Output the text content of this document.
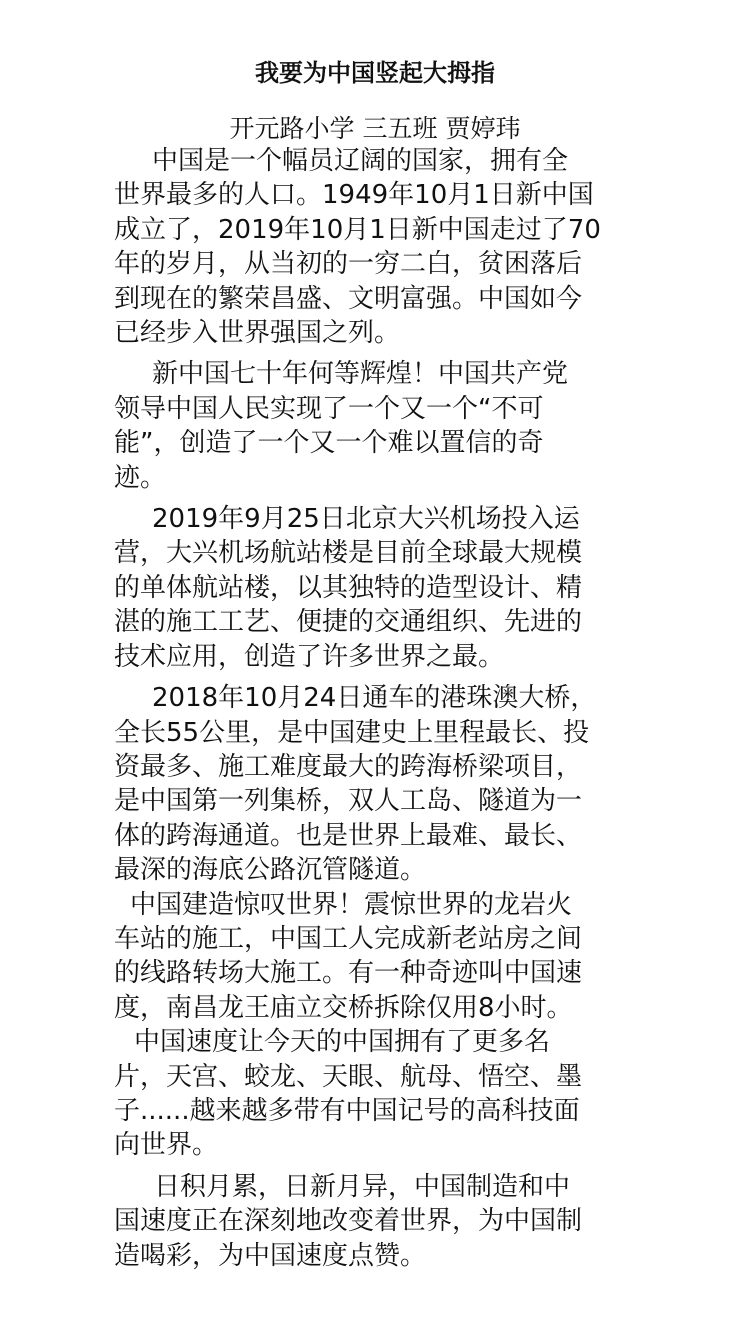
我要为中国竖起大拇指
开元路小学 三五班 贾婷玮
中国是一个幅员辽阔的国家，拥有全
世界最多的人口。1949年10月1日新中国
成立了，2019年10月1日新中国走过了70
年的岁月，从当初的一穷二白，贫困落后
到现在的繁荣昌盛、文明富强。中国如今
已经步入世界强国之列。
新中国七十年何等辉煌！中国共产党
领导中国人民实现了一个又一个“不可
能”，创造了一个又一个难以置信的奇
迹。
2019年9月25日北京大兴机场投入运
营，大兴机场航站楼是目前全球最大规模
的单体航站楼，以其独特的造型设计、精
湛的施工工艺、便捷的交通组织、先进的
技术应用，创造了许多世界之最。
2018年10月24日通车的港珠澳大桥，
全长55公里，是中国建史上里程最长、投
资最多、施工难度最大的跨海桥梁项目，
是中国第一列集桥，双人工岛、隧道为一
体的跨海通道。也是世界上最难、最长、
最深的海底公路沉管隧道。
中国建造惊叹世界！震惊世界的龙岩火
车站的施工，中国工人完成新老站房之间
的线路转场大施工。有一种奇迹叫中国速
度，南昌龙王庙立交桥拆除仅用8小时。
中国速度让今天的中国拥有了更多名
片，天宫、蛟龙、天眼、航母、悟空、墨
子......越来越多带有中国记号的高科技面
向世界。
日积月累，日新月异，中国制造和中
国速度正在深刻地改变着世界，为中国制
造喝彩，为中国速度点赞。
